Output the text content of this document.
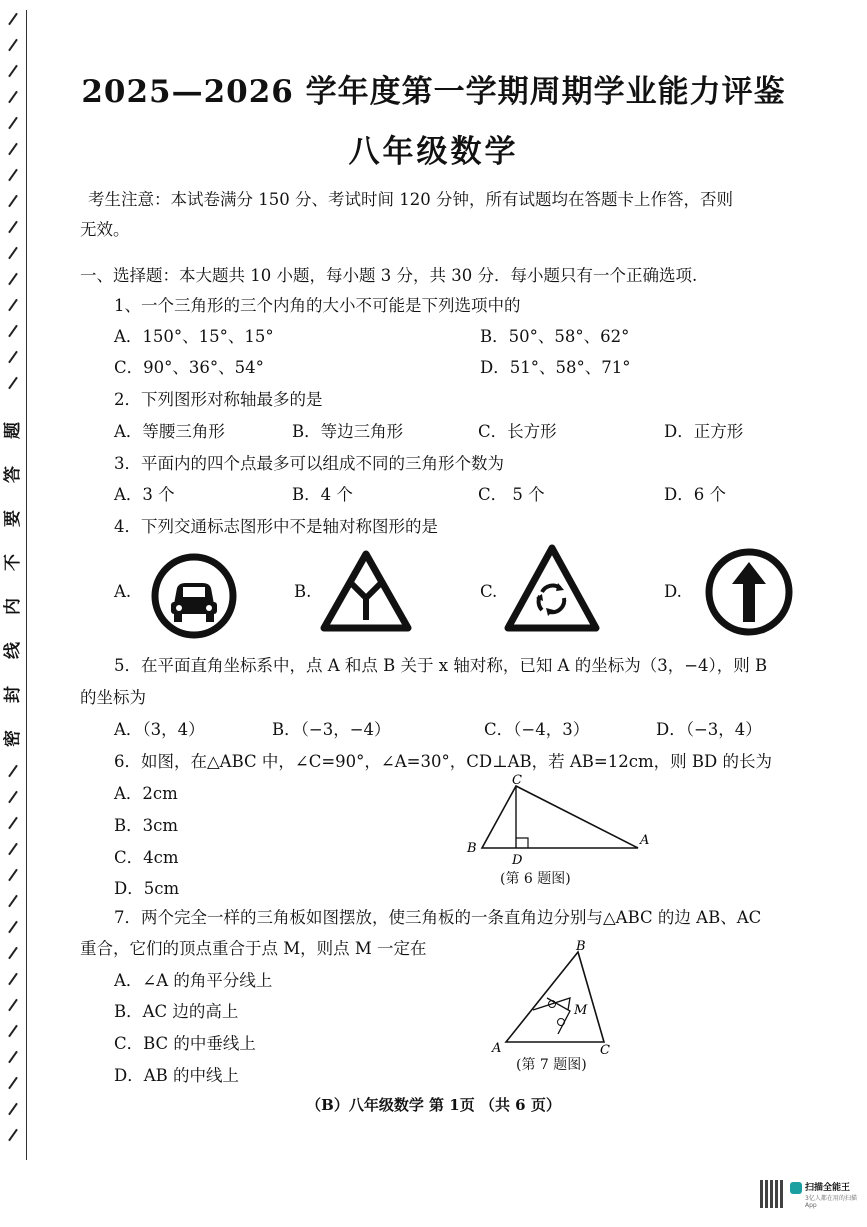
题
答
要
不
内
线
封
密
2025—2026 学年度第一学期周期学业能力评鉴
八年级数学
考生注意：本试卷满分 150 分、考试时间 120 分钟，所有试题均在答题卡上作答，否则
无效。
一、选择题：本大题共 10 小题，每小题 3 分，共 30 分．每小题只有一个正确选项.
1、一个三角形的三个内角的大小不可能是下列选项中的
A．150°、15°、15°	B．50°、58°、62°
C．90°、36°、54°	D．51°、58°、71°
2．下列图形对称轴最多的是
A．等腰三角形	B．等边三角形	C．长方形	D．正方形
3．平面内的四个点最多可以组成不同的三角形个数为
A．3 个	B．4 个	C． 5 个	D．6 个
4．下列交通标志图形中不是轴对称图形的是
A.	B.	C.	D.
5．在平面直角坐标系中，点 A 和点 B 关于 x 轴对称，已知 A 的坐标为（3，−4），则 B
的坐标为
A．（3，4）	B．（−3，−4）	C．（−4，3）	D．（−3，4）
6．如图，在△ABC 中，∠C=90°，∠A=30°，CD⊥AB，若 AB=12cm，则 BD 的长为
A．2cm
B．3cm
C．4cm
D．5cm
C
B
D
A
(第 6 题图)
7．两个完全一样的三角板如图摆放，使三角板的一条直角边分别与△ABC 的边 AB、AC
重合，它们的顶点重合于点 M，则点 M 一定在
A．∠A 的角平分线上
B．AC 边的高上
C．BC 的中垂线上
D．AB 的中线上
B
M
A	C
(第 7 题图)
（B）八年级数学 第 1页 （共 6 页）
扫描全能王
3亿人都在用的扫描App
